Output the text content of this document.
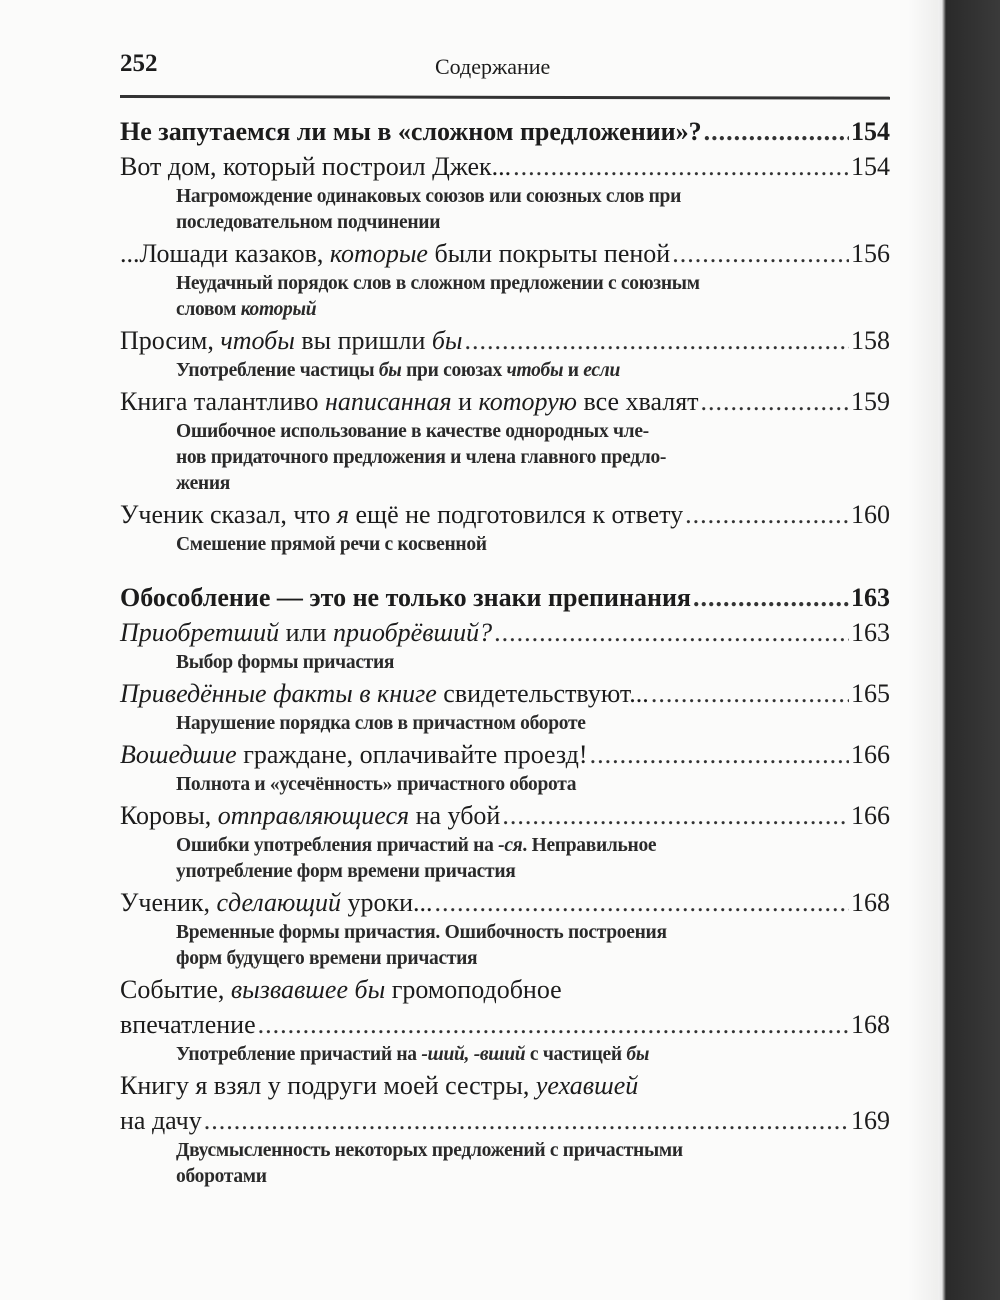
252	Содержание
Не запутаемся ли мы в «сложном предложении»? .....	154
Вот дом, который построил Джек... .....	154
Нагромождение одинаковых союзов или союзных слов при
последовательном подчинении
...Лошади казаков, которые были покрыты пеной .....	156
Неудачный порядок слов в сложном предложении с союзным
словом который
Просим, чтобы вы пришли бы .....	158
Употребление частицы бы при союзах чтобы и если
Книга талантливо написанная и которую все хвалят .....	159
Ошибочное использование в качестве однородных чле-
нов придаточного предложения и члена главного предло-
жения
Ученик сказал, что я ещё не подготовился к ответу .....	160
Смешение прямой речи с косвенной
Обособление — это не только знаки препинания .....	163
Приобретший или приобрёвший? .....	163
Выбор формы причастия
Приведённые факты в книге свидетельствуют... .....	165
Нарушение порядка слов в причастном обороте
Вошедшие граждане, оплачивайте проезд! .....	166
Полнота и «усечённость» причастного оборота
Коровы, отправляющиеся на убой .....	166
Ошибки употребления причастий на -ся. Неправильное
употребление форм времени причастия
Ученик, сделающий уроки... .....	168
Временные формы причастия. Ошибочность построения
форм будущего времени причастия
Событие, вызвавшее бы громоподобное
впечатление .....	168
Употребление причастий на -ший, -вший с частицей бы
Книгу я взял у подруги моей сестры, уехавшей
на дачу .....	169
Двусмысленность некоторых предложений с причастными
оборотами
